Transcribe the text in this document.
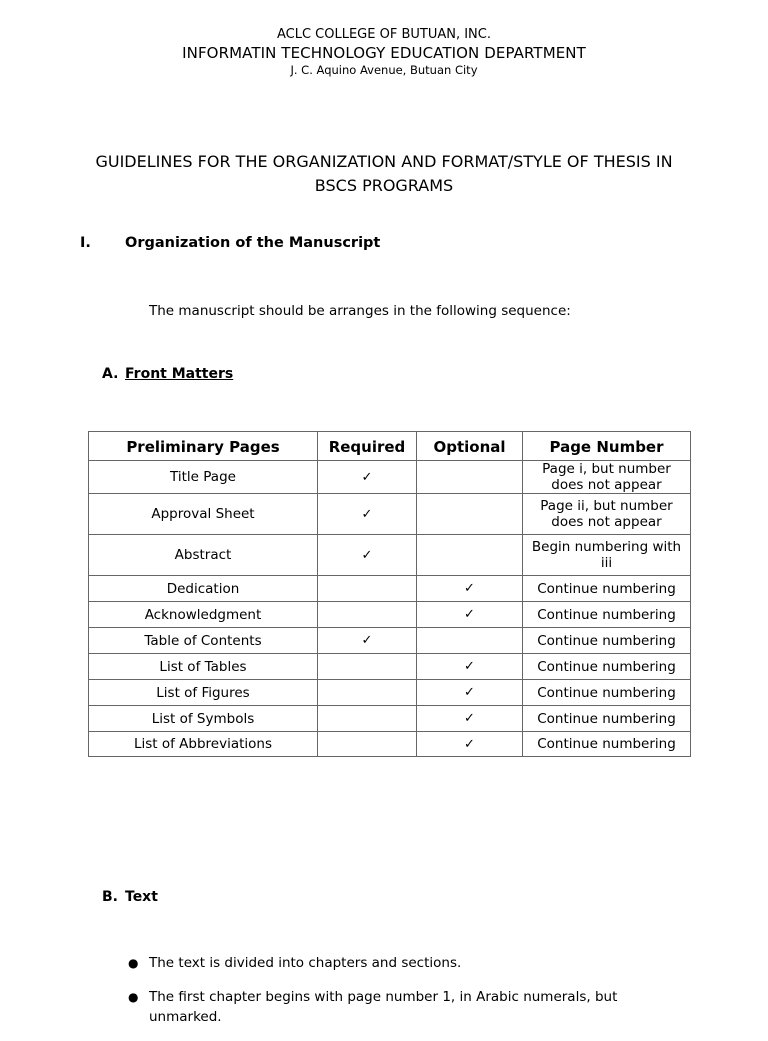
ACLC COLLEGE OF BUTUAN, INC.
INFORMATIN TECHNOLOGY EDUCATION DEPARTMENT
J. C. Aquino Avenue, Butuan City
GUIDELINES FOR THE ORGANIZATION AND FORMAT/STYLE OF THESIS IN
BSCS PROGRAMS
I. Organization of the Manuscript
The manuscript should be arranges in the following sequence:
A. Front Matters
Preliminary Pages	Required	Optional	Page Number
Title Page	✓		Page i, but number does not appear
Approval Sheet	✓		Page ii, but number does not appear
Abstract	✓		Begin numbering with iii
Dedication		✓	Continue numbering
Acknowledgment		✓	Continue numbering
Table of Contents	✓		Continue numbering
List of Tables		✓	Continue numbering
List of Figures		✓	Continue numbering
List of Symbols		✓	Continue numbering
List of Abbreviations		✓	Continue numbering
B. Text
● The text is divided into chapters and sections.
● The first chapter begins with page number 1, in Arabic numerals, but unmarked.
